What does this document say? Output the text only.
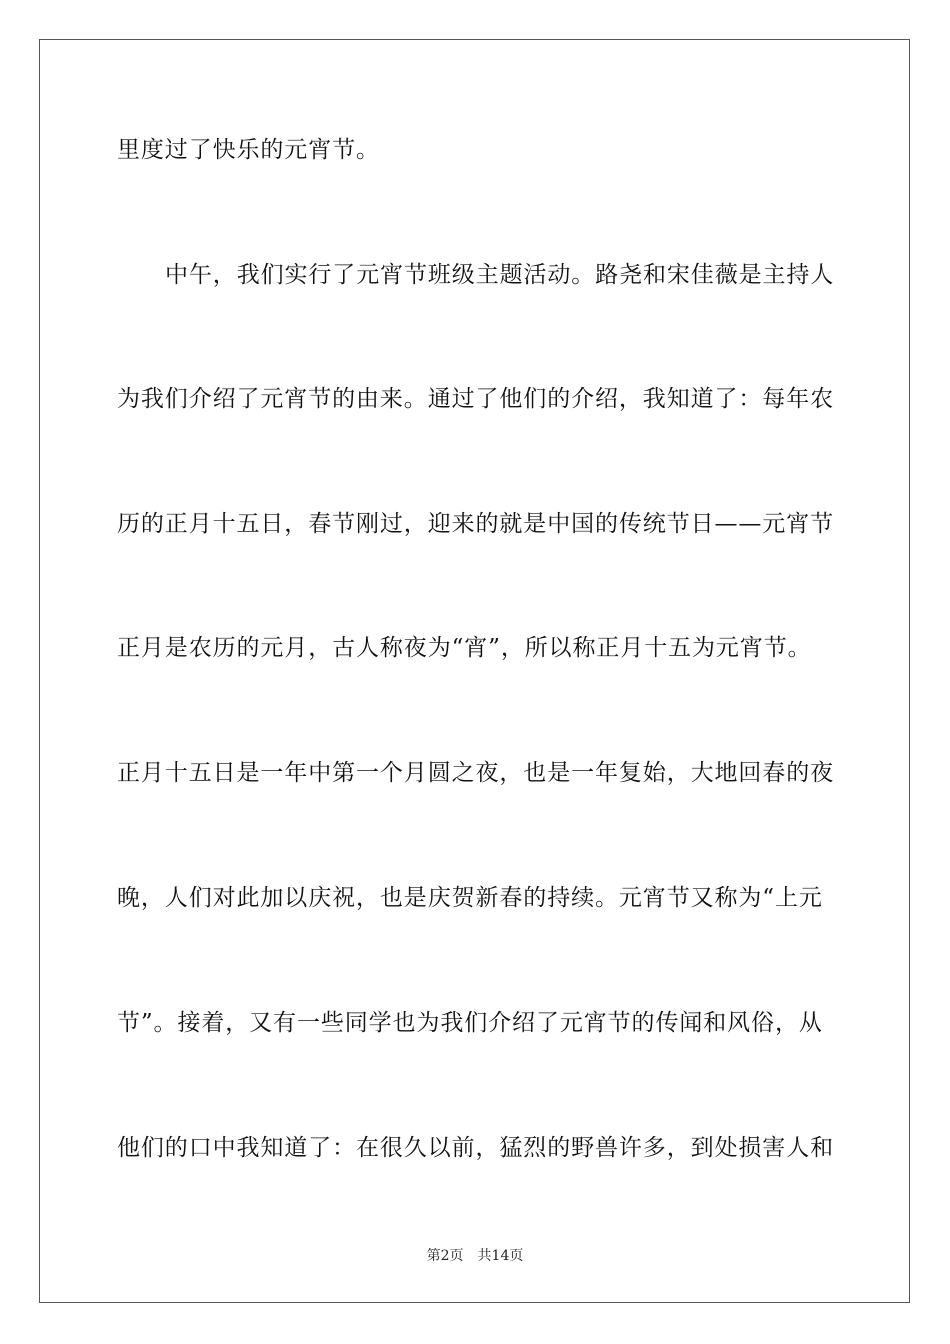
里度过了快乐的元宵节。
中午，我们实行了元宵节班级主题活动。路尧和宋佳薇是主持人
为我们介绍了元宵节的由来。通过了他们的介绍，我知道了：每年农
历的正月十五日，春节刚过，迎来的就是中国的传统节日——元宵节
正月是农历的元月，古人称夜为“宵”，所以称正月十五为元宵节。
正月十五日是一年中第一个月圆之夜，也是一年复始，大地回春的夜
晚，人们对此加以庆祝，也是庆贺新春的持续。元宵节又称为“上元
节”。接着，又有一些同学也为我们介绍了元宵节的传闻和风俗，从
他们的口中我知道了：在很久以前，猛烈的野兽许多，到处损害人和
第2页 共14页
